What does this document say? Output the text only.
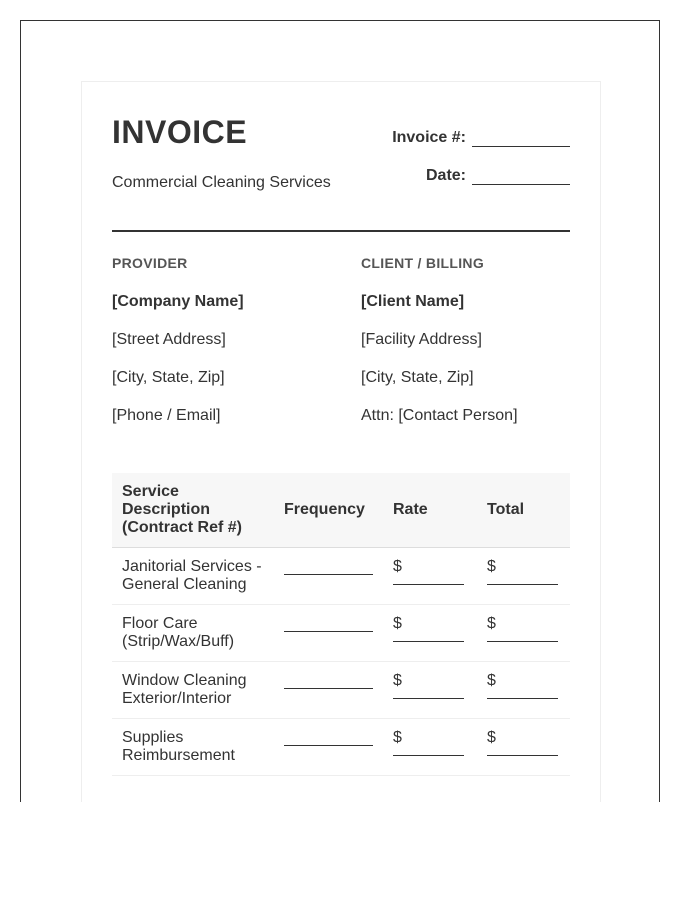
INVOICE
Commercial Cleaning Services
Invoice #:
Date:
PROVIDER
[Company Name]
[Street Address]
[City, State, Zip]
[Phone / Email]
CLIENT / BILLING
[Client Name]
[Facility Address]
[City, State, Zip]
Attn: [Contact Person]
Service Description (Contract Ref #)	Frequency	Rate	Total
Janitorial Services - General Cleaning		$	$

Floor Care (Strip/Wax/Buff)		$	$

Window Cleaning Exterior/Interior		$	$

Supplies Reimbursement		$	$
